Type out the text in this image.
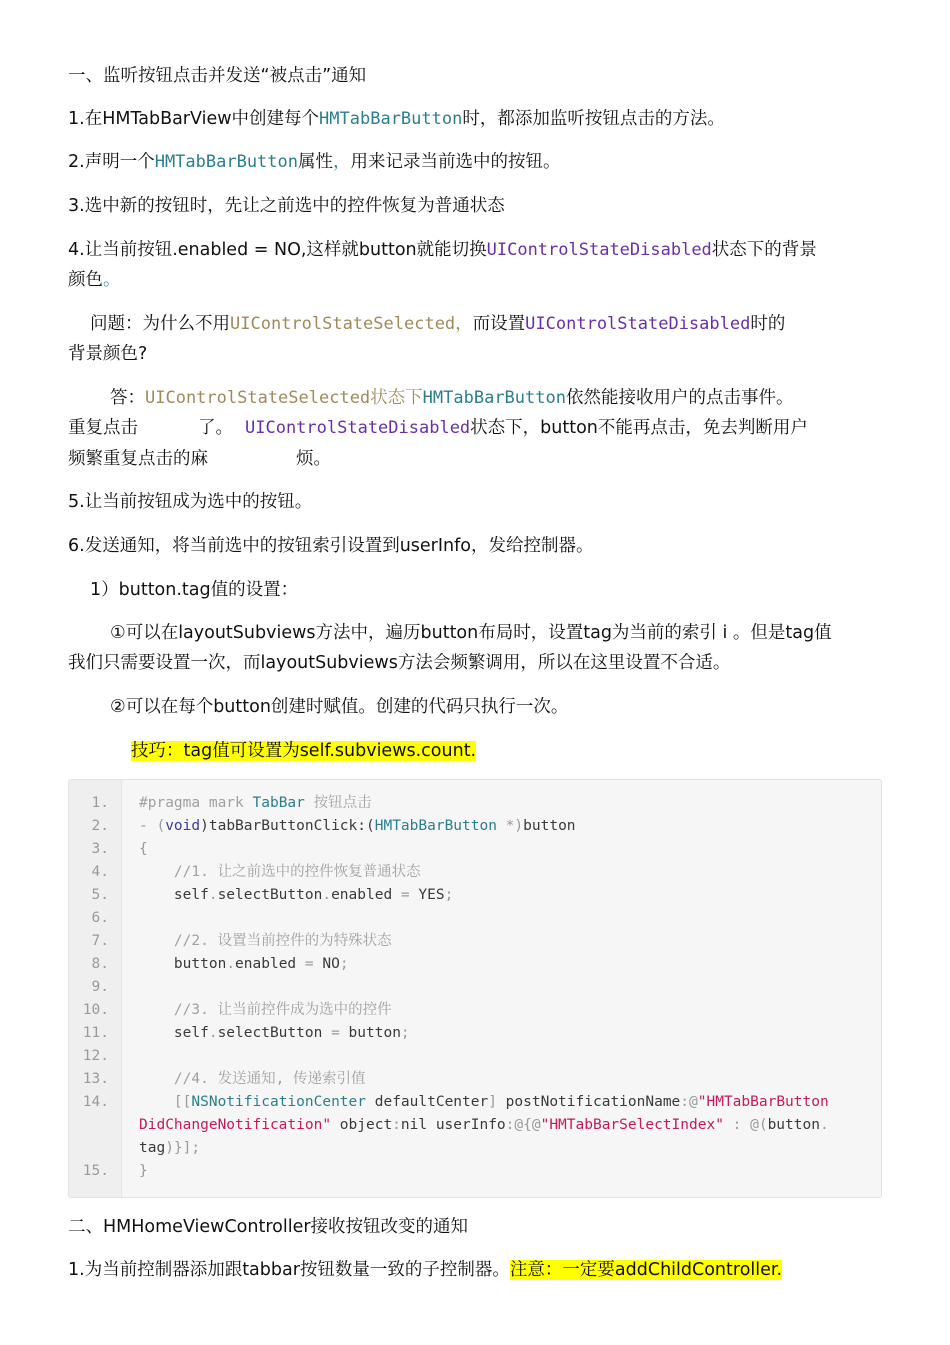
一、监听按钮点击并发送“被点击”通知

1.在HMTabBarView中创建每个HMTabBarButton时，都添加监听按钮点击的方法。

2.声明一个HMTabBarButton属性，用来记录当前选中的按钮。

3.选中新的按钮时，先让之前选中的控件恢复为普通状态

4.让当前按钮.enabled = NO,这样就button就能切换UIControlStateDisabled状态下的背景

颜色。

问题：为什么不用UIControlStateSelected，而设置UIControlStateDisabled时的

背景颜色?

答：UIControlStateSelected状态下HMTabBarButton依然能接收用户的点击事件。

重复点击	了。 UIControlStateDisabled状态下，button不能再点击，免去判断用户

频繁重复点击的麻	烦。

5.让当前按钮成为选中的按钮。

6.发送通知，将当前选中的按钮索引设置到userInfo，发给控制器。

1）button.tag值的设置：

①可以在layoutSubviews方法中，遍历button布局时，设置tag为当前的索引 i 。但是tag值

我们只需要设置一次，而layoutSubviews方法会频繁调用，所以在这里设置不合适。

②可以在每个button创建时赋值。创建的代码只执行一次。

技巧：tag值可设置为self.subviews.count.

1. #pragma mark TabBar 按钮点击
2. - (void)tabBarButtonClick:(HMTabBarButton *)button
3. {
4. //1. 让之前选中的控件恢复普通状态
5. self.selectButton.enabled = YES;
6.
7. //2. 设置当前控件的为特殊状态
8. button.enabled = NO;
9.
10. //3. 让当前控件成为选中的控件
11. self.selectButton = button;
12.
13. //4. 发送通知, 传递索引值
14. [[NSNotificationCenter defaultCenter] postNotificationName:@"HMTabBarButton
DidChangeNotification" object:nil userInfo:@{@"HMTabBarSelectIndex" : @(button.
tag)}];
15. }

二、HMHomeViewController接收按钮改变的通知

1.为当前控制器添加跟tabbar按钮数量一致的子控制器。注意：一定要addChildController.
